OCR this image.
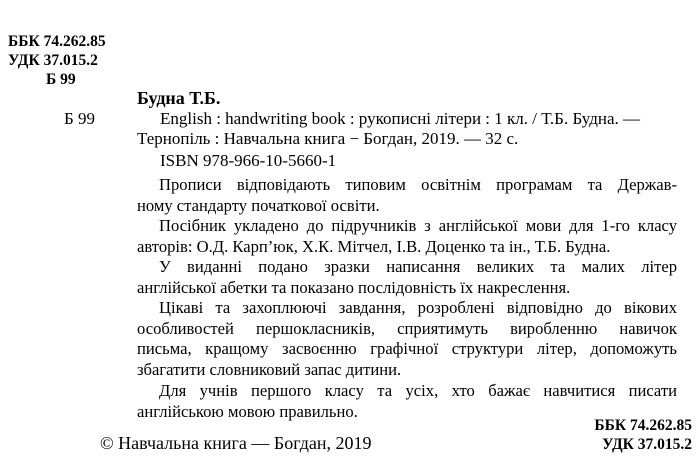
ББК 74.262.85
УДК 37.015.2
Б 99
Будна Т.Б.
Б 99	English : handwriting book : рукописні літери : 1 кл. / Т.Б. Будна. —
Тернопіль : Навчальна книга − Богдан, 2019. — 32 с.
ISBN 978-966-10-5660-1
Прописи відповідають типовим освітнім програмам та Держав-
ному стандарту початкової освіти.
Посібник укладено до підручників з англійської мови для 1-го класу
авторів: О.Д. Карп’юк, Х.К. Мітчел, І.В. Доценко та ін., Т.Б. Будна.
У виданні подано зразки написання великих та малих літер
англійської абетки та показано послідовність їх накреслення.
Цікаві та захоплюючі завдання, розроблені відповідно до вікових
особливостей першокласників, сприятимуть виробленню навичок
письма, кращому засвоєнню графічної структури літер, допоможуть
збагатити словниковий запас дитини.
Для учнів першого класу та усіх, хто бажає навчитися писати
англійською мовою правильно.
© Навчальна книга — Богдан, 2019
ББК 74.262.85
УДК 37.015.2
